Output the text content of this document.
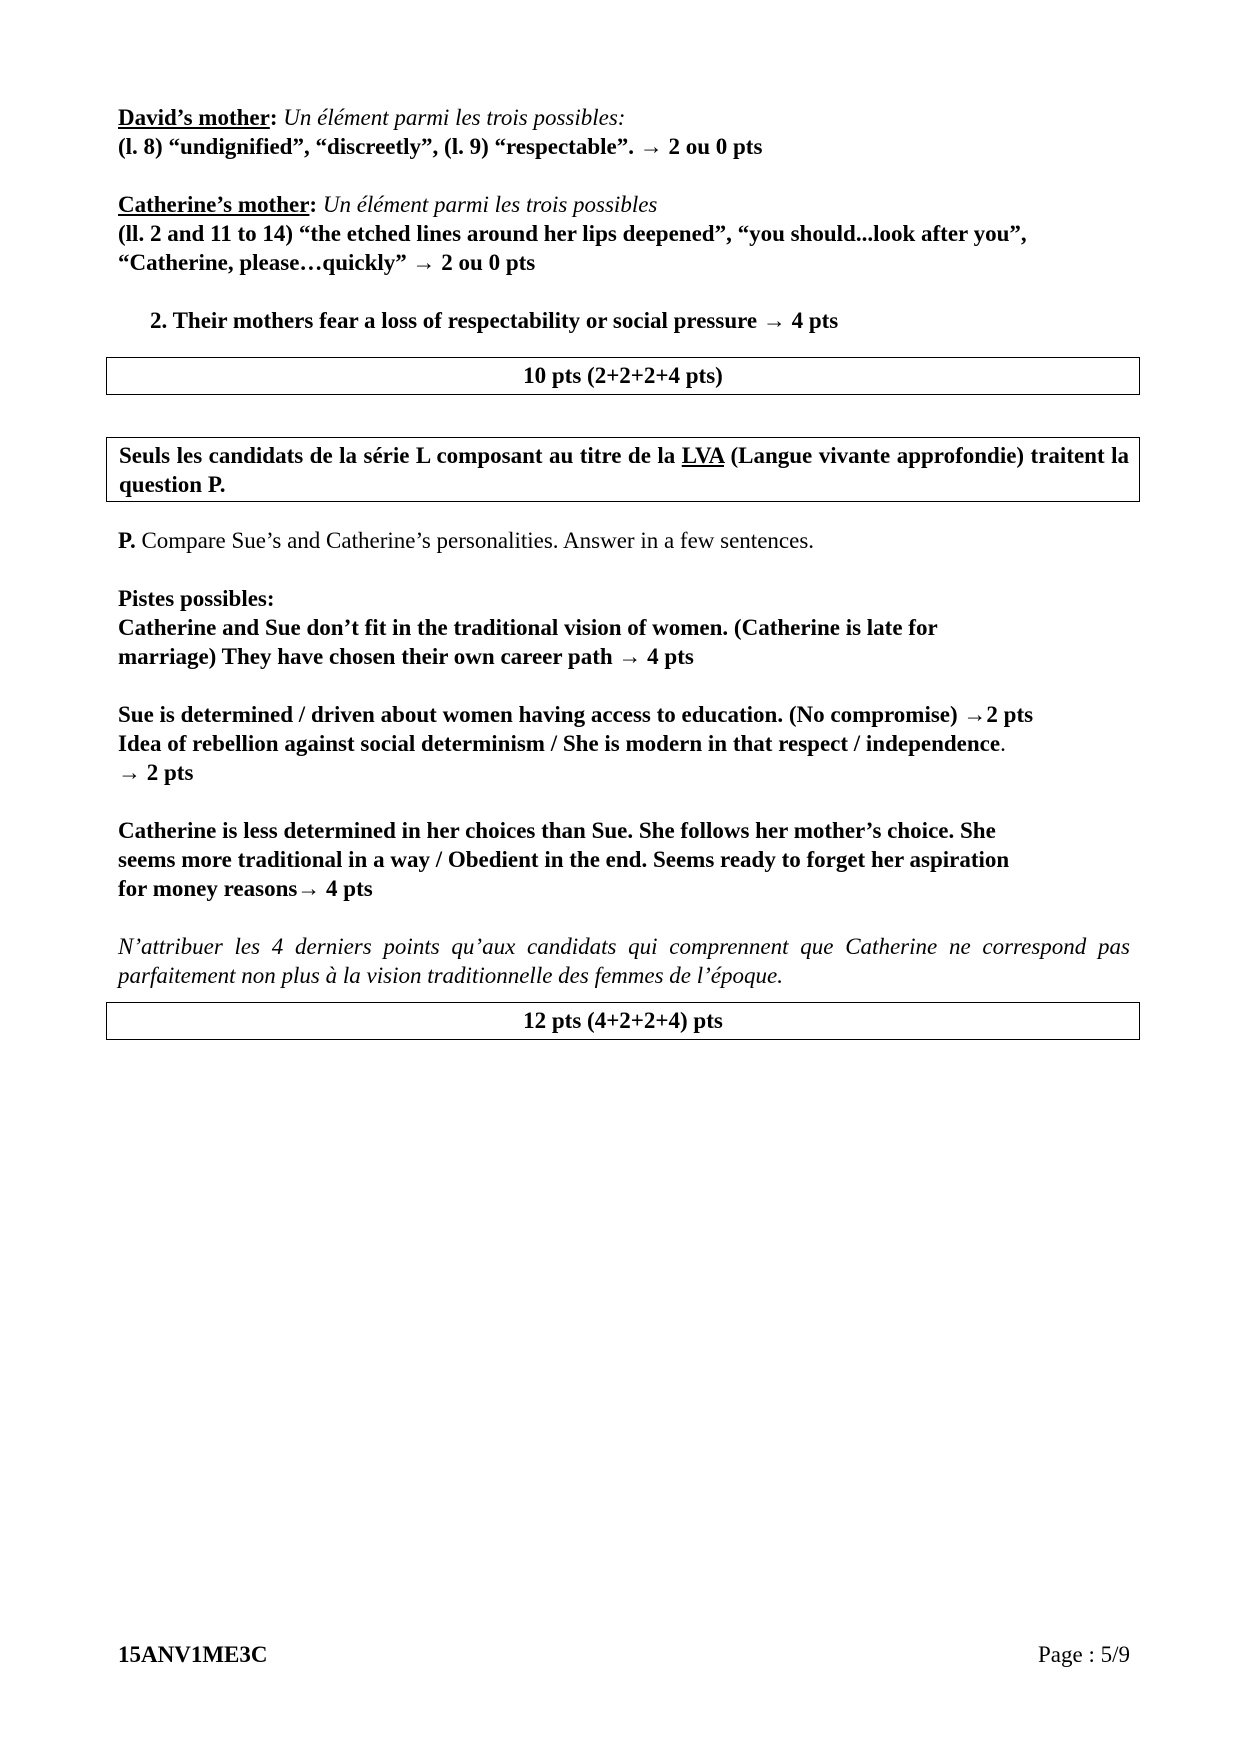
David’s mother: Un élément parmi les trois possibles:

(l. 8) “undignified”, “discreetly”, (l. 9) “respectable”. → 2 ou 0 pts

Catherine’s mother: Un élément parmi les trois possibles

(ll. 2 and 11 to 14) “the etched lines around her lips deepened”, “you should...look after you”,

“Catherine, please…quickly” → 2 ou 0 pts

2. Their mothers fear a loss of respectability or social pressure → 4 pts

10 pts (2+2+2+4 pts)
Seuls les candidats de la série L composant au titre de la LVA (Langue vivante approfondie) traitent la question P.

P. Compare Sue’s and Catherine’s personalities. Answer in a few sentences.

Pistes possibles:

Catherine and Sue don’t fit in the traditional vision of women. (Catherine is late for

marriage) They have chosen their own career path → 4 pts

Sue is determined / driven about women having access to education. (No compromise) →2 pts

Idea of rebellion against social determinism / She is modern in that respect / independence.

→ 2 pts

Catherine is less determined in her choices than Sue. She follows her mother’s choice. She

seems more traditional in a way / Obedient in the end. Seems ready to forget her aspiration

for money reasons→ 4 pts

N’attribuer les 4 derniers points qu’aux candidats qui comprennent que Catherine ne correspond pas parfaitement non plus à la vision traditionnelle des femmes de l’époque.

12 pts (4+2+2+4) pts
15ANV1ME3C	Page : 5/9
